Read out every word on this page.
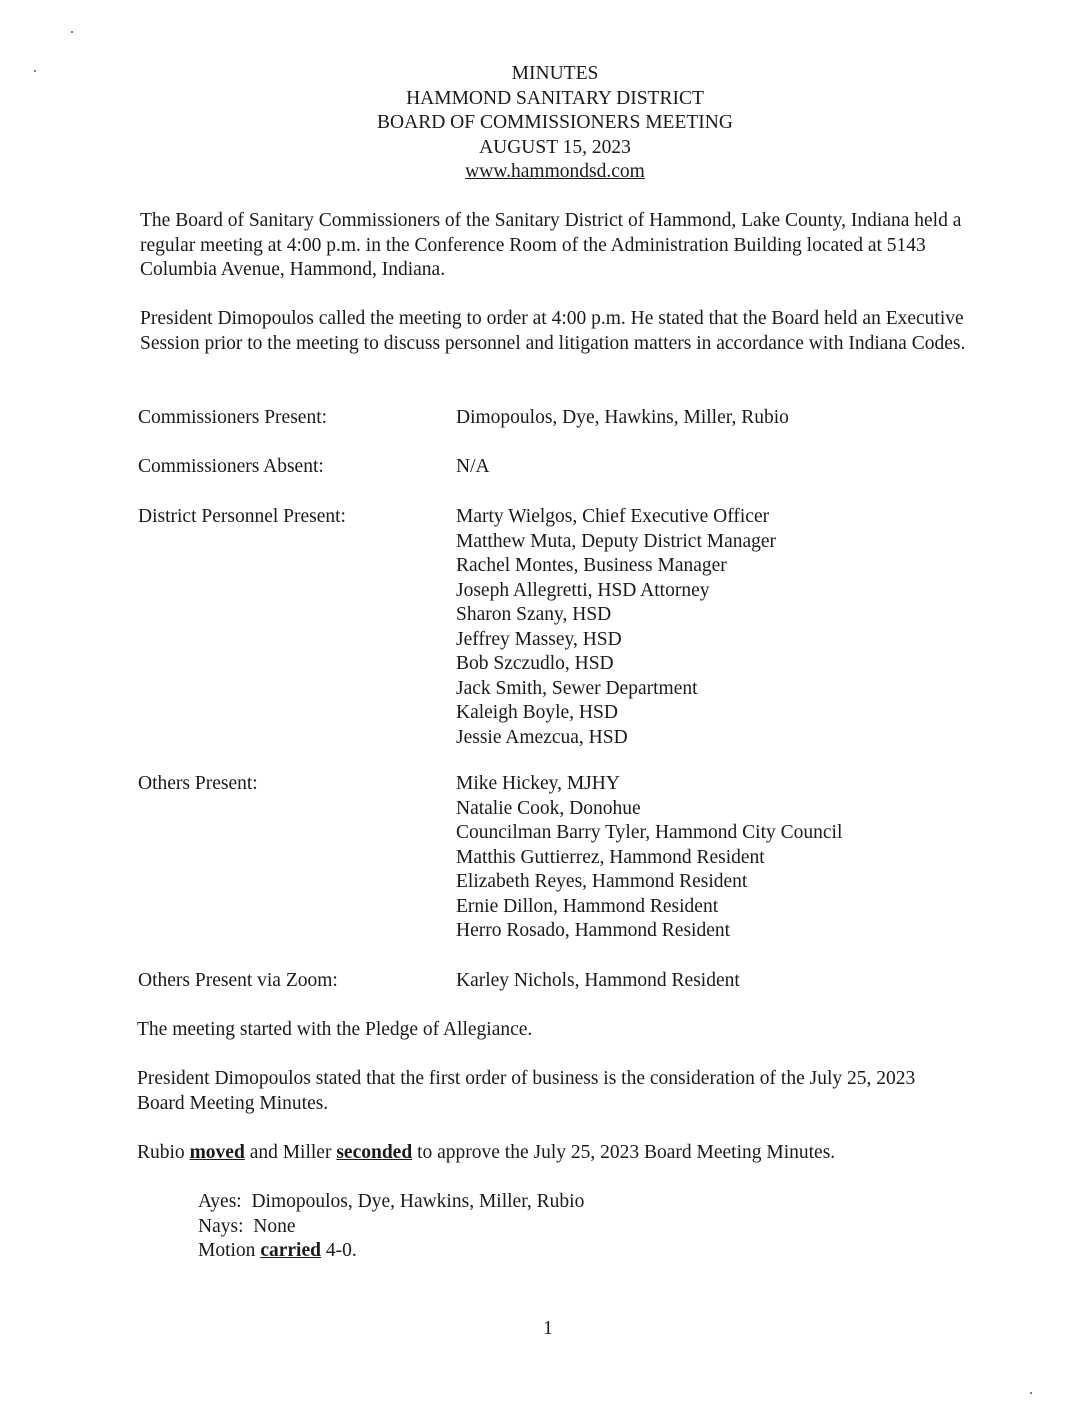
MINUTES
HAMMOND SANITARY DISTRICT
BOARD OF COMMISSIONERS MEETING
AUGUST 15, 2023
www.hammondsd.com
The Board of Sanitary Commissioners of the Sanitary District of Hammond, Lake County, Indiana held a regular meeting at 4:00 p.m. in the Conference Room of the Administration Building located at 5143 Columbia Avenue, Hammond, Indiana.
President Dimopoulos called the meeting to order at 4:00 p.m. He stated that the Board held an Executive Session prior to the meeting to discuss personnel and litigation matters in accordance with Indiana Codes.
Commissioners Present:	Dimopoulos, Dye, Hawkins, Miller, Rubio
Commissioners Absent:	N/A
District Personnel Present:	Marty Wielgos, Chief Executive Officer
Matthew Muta, Deputy District Manager
Rachel Montes, Business Manager
Joseph Allegretti, HSD Attorney
Sharon Szany, HSD
Jeffrey Massey, HSD
Bob Szczudlo, HSD
Jack Smith, Sewer Department
Kaleigh Boyle, HSD
Jessie Amezcua, HSD
Others Present:	Mike Hickey, MJHY
Natalie Cook, Donohue
Councilman Barry Tyler, Hammond City Council
Matthis Guttierrez, Hammond Resident
Elizabeth Reyes, Hammond Resident
Ernie Dillon, Hammond Resident
Herro Rosado, Hammond Resident
Others Present via Zoom:	Karley Nichols, Hammond Resident
The meeting started with the Pledge of Allegiance.
President Dimopoulos stated that the first order of business is the consideration of the July 25, 2023 Board Meeting Minutes.
Rubio moved and Miller seconded to approve the July 25, 2023 Board Meeting Minutes.
Ayes:  Dimopoulos, Dye, Hawkins, Miller, Rubio
Nays:  None
Motion carried 4-0.
1
